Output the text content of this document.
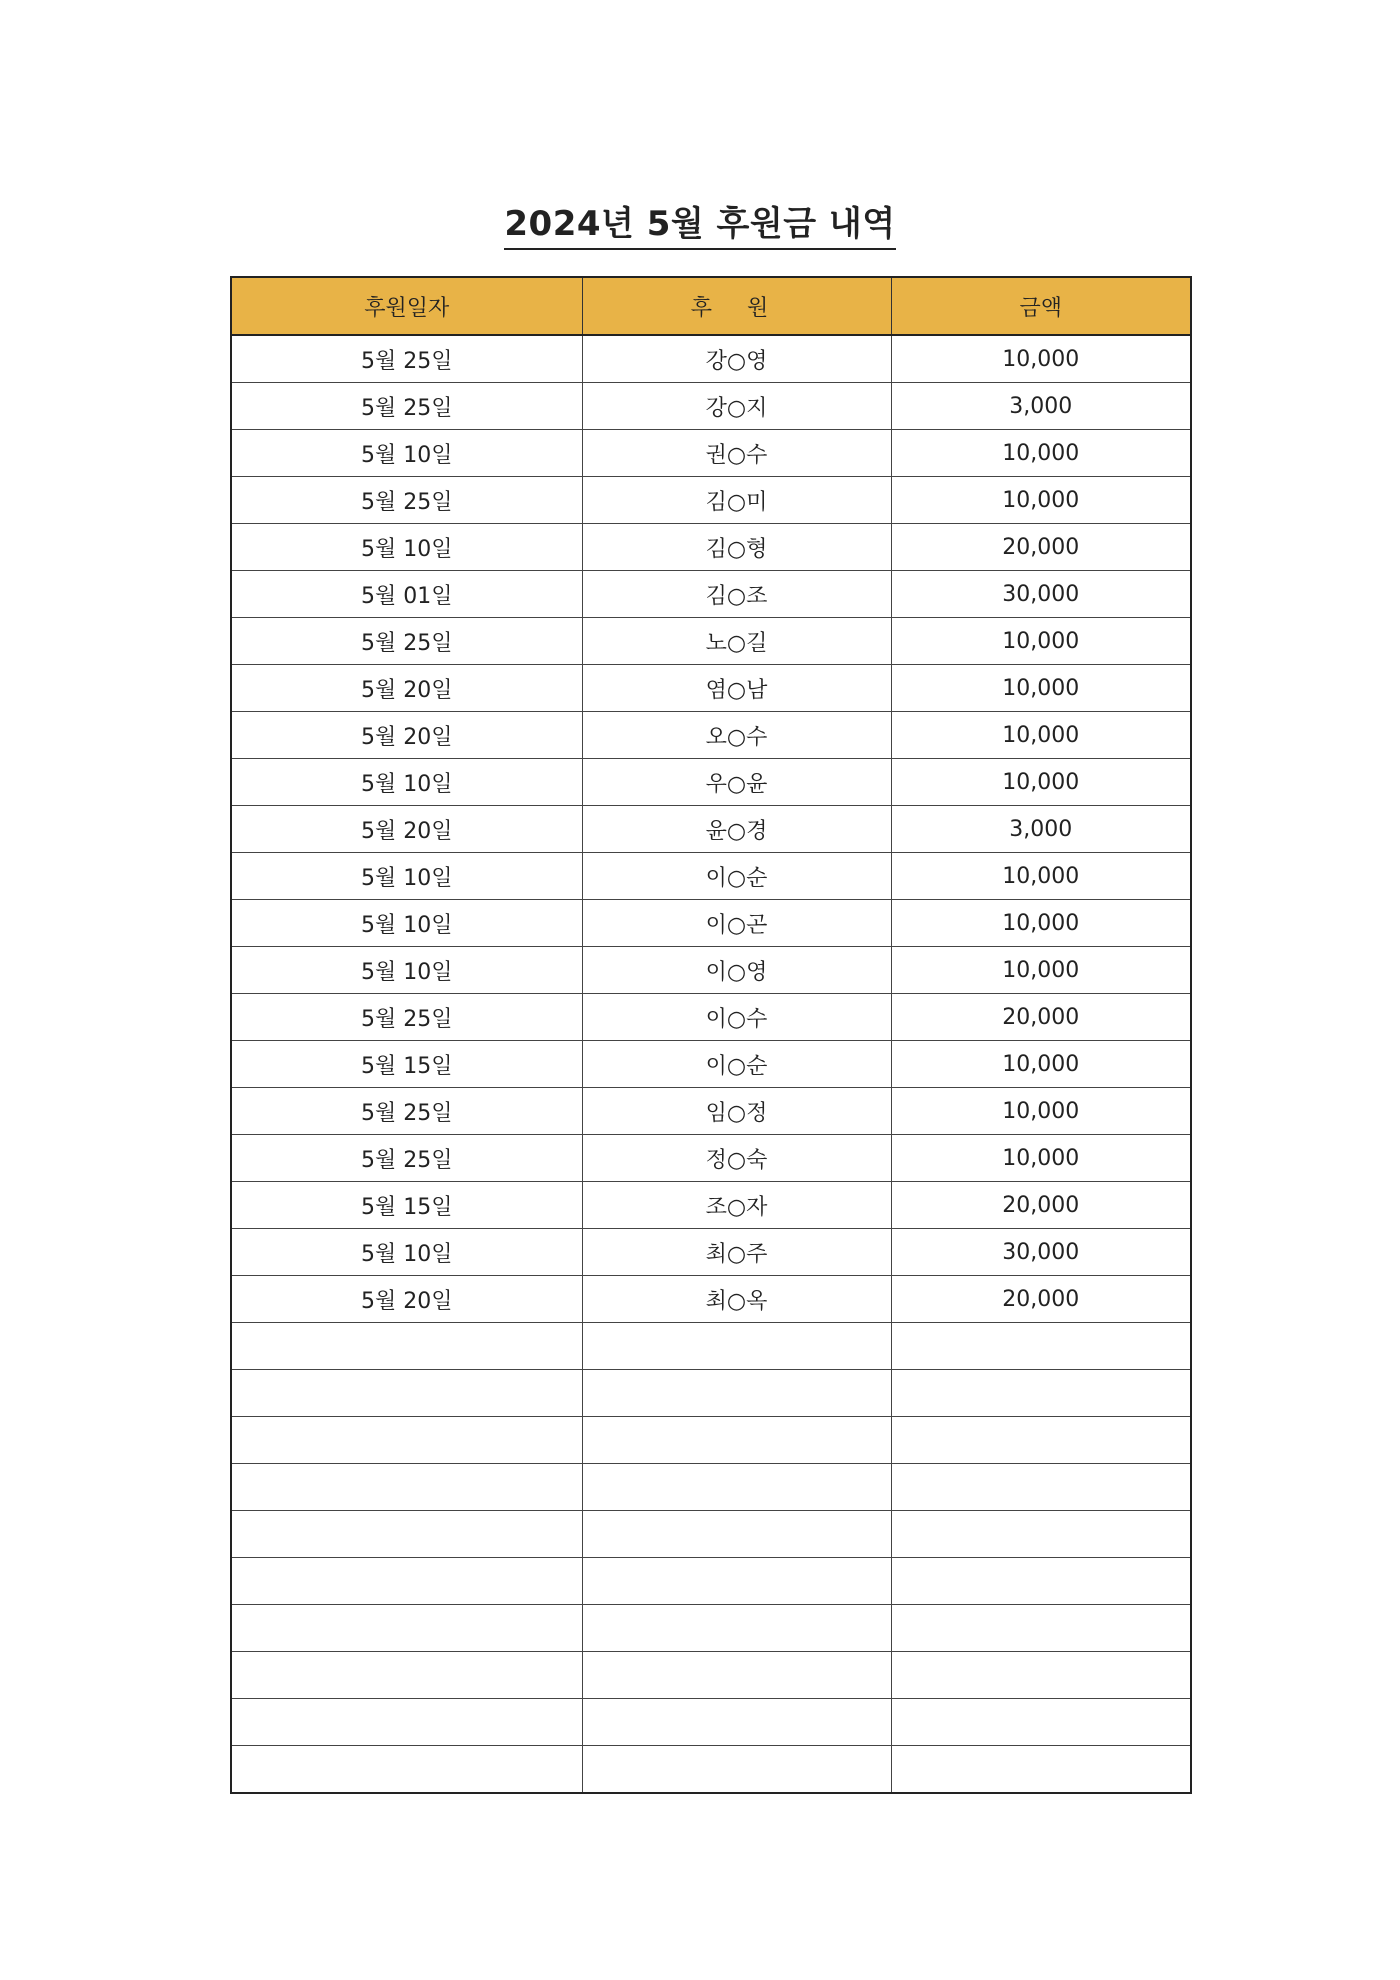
2024년 5월 후원금 내역
후원일자	후 원	금액
5월 25일	강○영	10,000
5월 25일	강○지	3,000
5월 10일	권○수	10,000
5월 25일	김○미	10,000
5월 10일	김○형	20,000
5월 01일	김○조	30,000
5월 25일	노○길	10,000
5월 20일	염○남	10,000
5월 20일	오○수	10,000
5월 10일	우○윤	10,000
5월 20일	윤○경	3,000
5월 10일	이○순	10,000
5월 10일	이○곤	10,000
5월 10일	이○영	10,000
5월 25일	이○수	20,000
5월 15일	이○순	10,000
5월 25일	임○정	10,000
5월 25일	정○숙	10,000
5월 15일	조○자	20,000
5월 10일	최○주	30,000
5월 20일	최○옥	20,000
